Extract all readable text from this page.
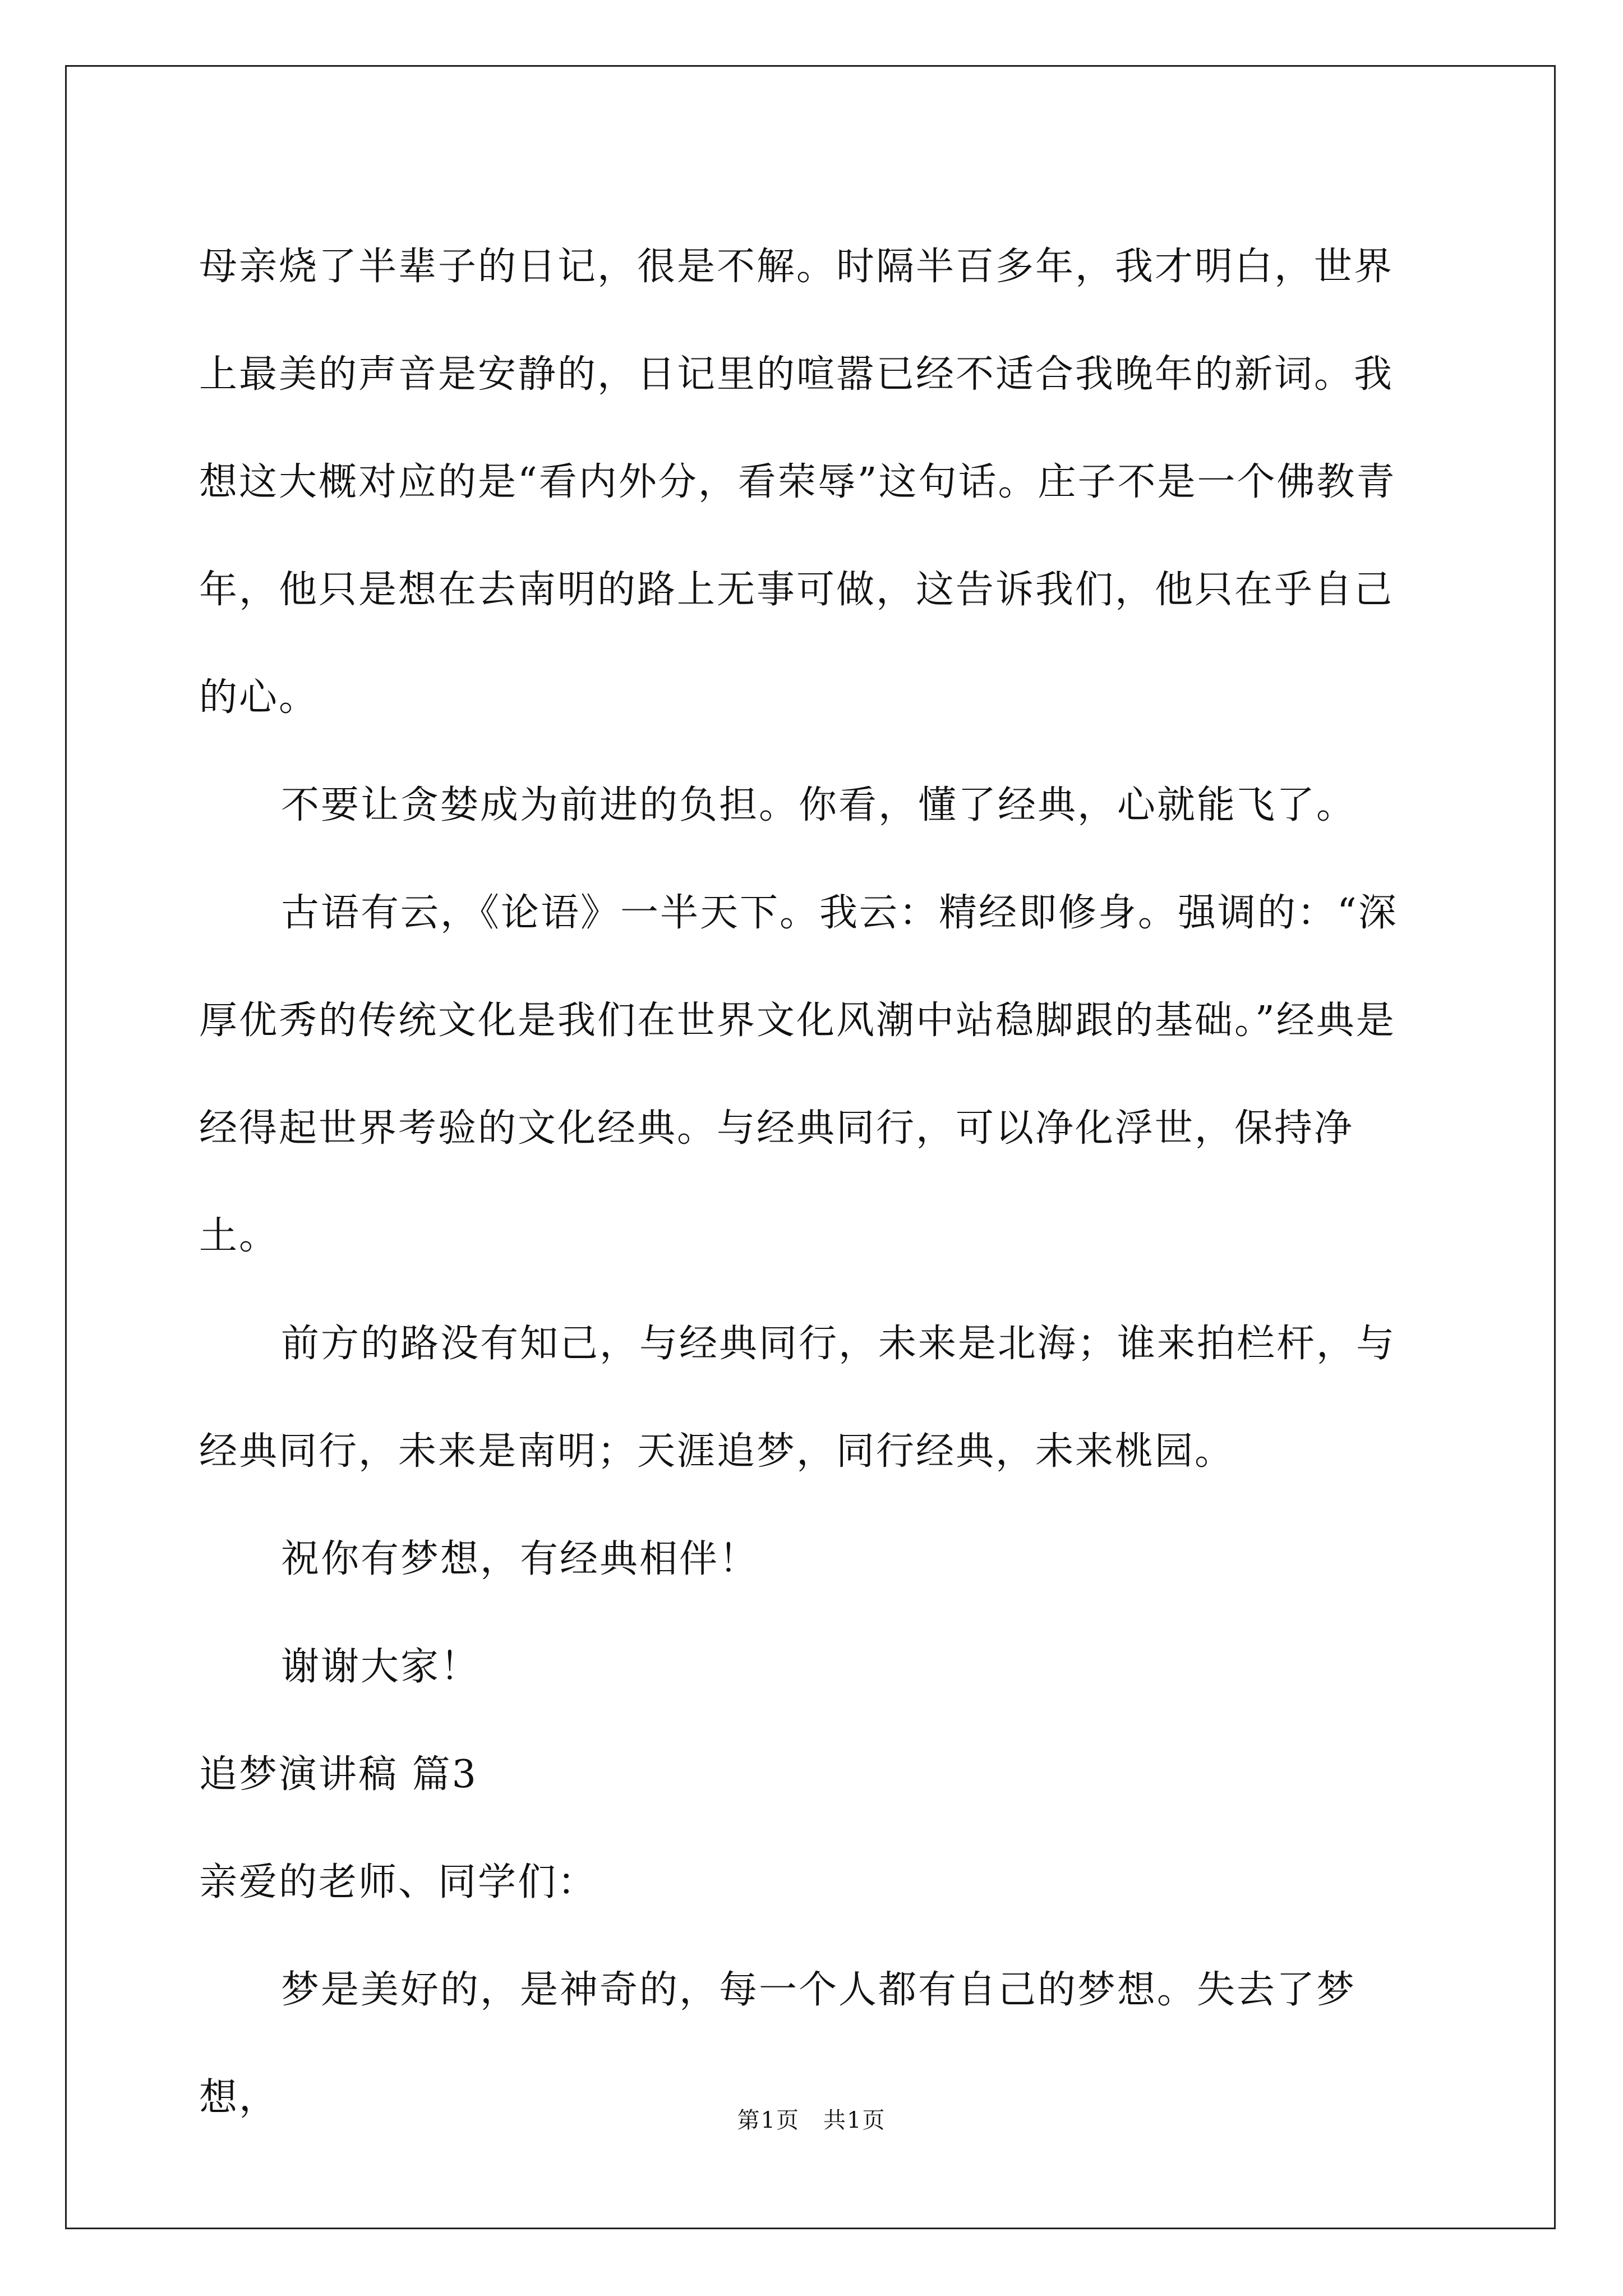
母亲烧了半辈子的日记，很是不解。时隔半百多年，我才明白，世界上最美的声音是安静的，日记里的喧嚣已经不适合我晚年的新词。我想这大概对应的是“看内外分，看荣辱”这句话。庄子不是一个佛教青年，他只是想在去南明的路上无事可做，这告诉我们，他只在乎自己的心。

不要让贪婪成为前进的负担。你看，懂了经典，心就能飞了。

古语有云，《论语》一半天下。我云：精经即修身。强调的：“深厚优秀的传统文化是我们在世界文化风潮中站稳脚跟的基础。”经典是经得起世界考验的文化经典。与经典同行，可以净化浮世，保持净土。

前方的路没有知己，与经典同行，未来是北海；谁来拍栏杆，与经典同行，未来是南明；天涯追梦，同行经典，未来桃园。

祝你有梦想，有经典相伴！

谢谢大家！

追梦演讲稿 篇3

亲爱的老师、同学们：

梦是美好的，是神奇的，每一个人都有自己的梦想。失去了梦想，

第1页　共1页
